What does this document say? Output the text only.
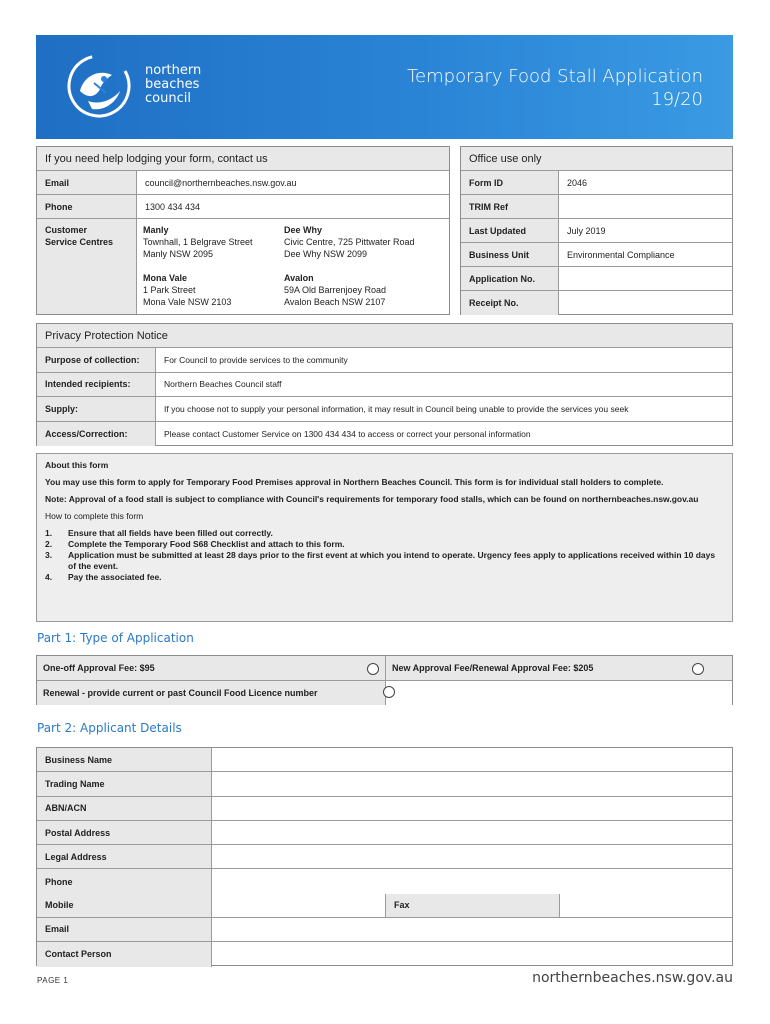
northern
beaches
council
Temporary Food Stall Application
19/20
If you need help lodging your form, contact us
Email	council@northernbeaches.nsw.gov.au
Phone	1300 434 434
Customer
Service Centres
Manly
Townhall, 1 Belgrave Street
Manly NSW 2095
Dee Why
Civic Centre, 725 Pittwater Road
Dee Why NSW 2099
Mona Vale
1 Park Street
Mona Vale NSW 2103
Avalon
59A Old Barrenjoey Road
Avalon Beach NSW 2107
Office use only
Form ID	2046
TRIM Ref
Last Updated	July 2019
Business Unit	Environmental Compliance
Application No.
Receipt No.
Privacy Protection Notice
Purpose of collection:	For Council to provide services to the community
Intended recipients:	Northern Beaches Council staff
Supply:	If you choose not to supply your personal information, it may result in Council being unable to provide the services you seek
Access/Correction:	Please contact Customer Service on 1300 434 434 to access or correct your personal information

About this form

You may use this form to apply for Temporary Food Premises approval in Northern Beaches Council. This form is for individual stall holders to complete.

Note: Approval of a food stall is subject to compliance with Council's requirements for temporary food stalls, which can be found on northernbeaches.nsw.gov.au

How to complete this form

1. Ensure that all fields have been filled out correctly.
2. Complete the Temporary Food S68 Checklist and attach to this form.
3. Application must be submitted at least 28 days prior to the first event at which you intend to operate. Urgency fees apply to applications received within 10 days of the event.
4. Pay the associated fee.
Part 1: Type of Application
One-off Approval Fee: $95	New Approval Fee/Renewal Approval Fee: $205
Renewal - provide current or past Council Food Licence number
Part 2: Applicant Details
Business Name
Trading Name
ABN/ACN
Postal Address
Legal Address
Phone
Mobile	Fax
Email
Contact Person
PAGE 1	northernbeaches.nsw.gov.au
